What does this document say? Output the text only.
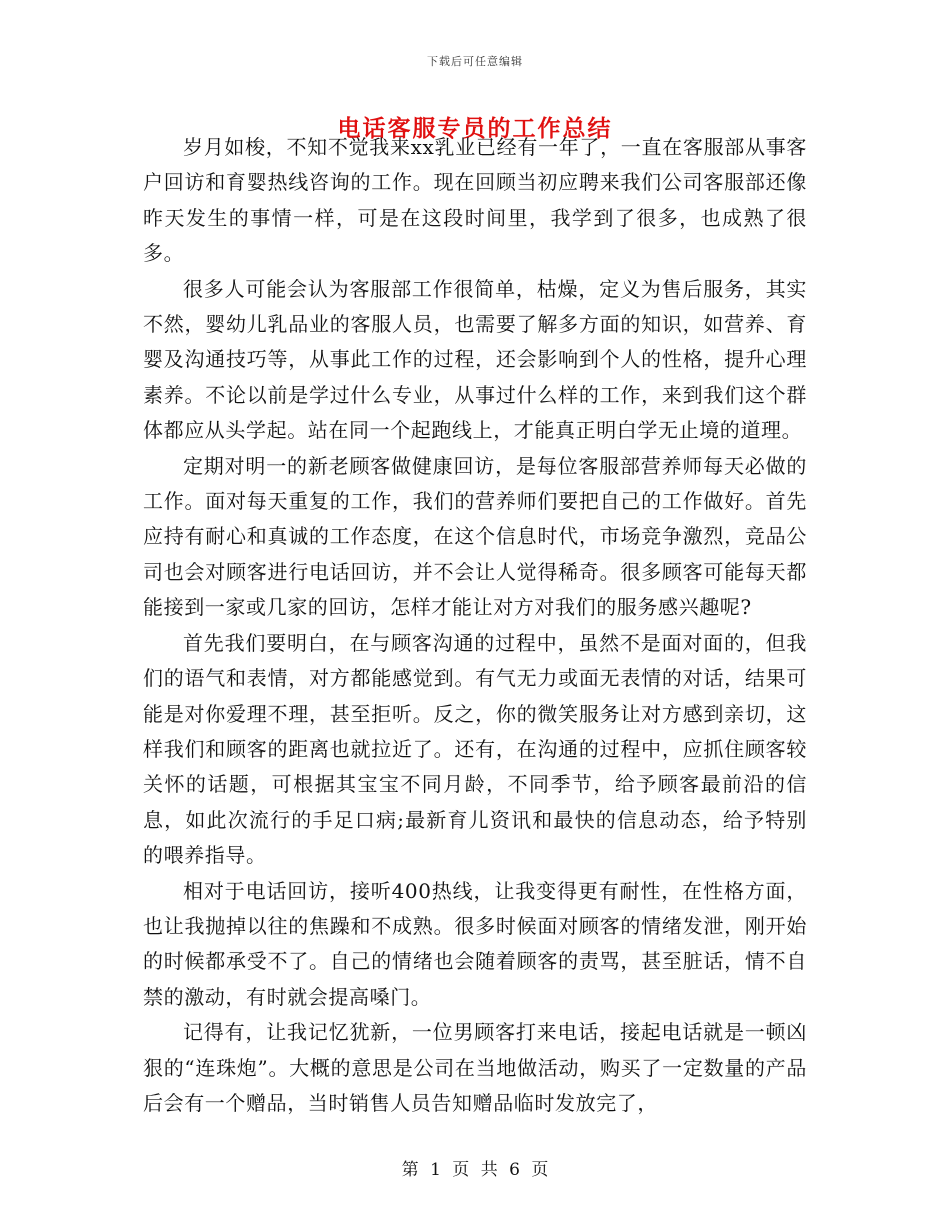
下载后可任意编辑
电话客服专员的工作总结

岁月如梭，不知不觉我来xx乳业已经有一年了，一直在客服部从事客户回访和育婴热线咨询的工作。现在回顾当初应聘来我们公司客服部还像昨天发生的事情一样，可是在这段时间里，我学到了很多，也成熟了很多。

很多人可能会认为客服部工作很简单，枯燥，定义为售后服务，其实不然，婴幼儿乳品业的客服人员，也需要了解多方面的知识，如营养、育婴及沟通技巧等，从事此工作的过程，还会影响到个人的性格，提升心理素养。不论以前是学过什么专业，从事过什么样的工作，来到我们这个群体都应从头学起。站在同一个起跑线上，才能真正明白学无止境的道理。

定期对明一的新老顾客做健康回访，是每位客服部营养师每天必做的工作。面对每天重复的工作，我们的营养师们要把自己的工作做好。首先应持有耐心和真诚的工作态度，在这个信息时代，市场竞争激烈，竞品公司也会对顾客进行电话回访，并不会让人觉得稀奇。很多顾客可能每天都能接到一家或几家的回访，怎样才能让对方对我们的服务感兴趣呢?

首先我们要明白，在与顾客沟通的过程中，虽然不是面对面的，但我们的语气和表情，对方都能感觉到。有气无力或面无表情的对话，结果可能是对你爱理不理，甚至拒听。反之，你的微笑服务让对方感到亲切，这样我们和顾客的距离也就拉近了。还有，在沟通的过程中，应抓住顾客较关怀的话题，可根据其宝宝不同月龄，不同季节，给予顾客最前沿的信息，如此次流行的手足口病;最新育儿资讯和最快的信息动态，给予特别的喂养指导。

相对于电话回访，接听400热线，让我变得更有耐性，在性格方面，也让我抛掉以往的焦躁和不成熟。很多时候面对顾客的情绪发泄，刚开始的时候都承受不了。自己的情绪也会随着顾客的责骂，甚至脏话，情不自禁的激动，有时就会提高嗓门。

记得有，让我记忆犹新，一位男顾客打来电话，接起电话就是一顿凶狠的“连珠炮”。大概的意思是公司在当地做活动，购买了一定数量的产品后会有一个赠品，当时销售人员告知赠品临时发放完了，

第 1 页 共 6 页
